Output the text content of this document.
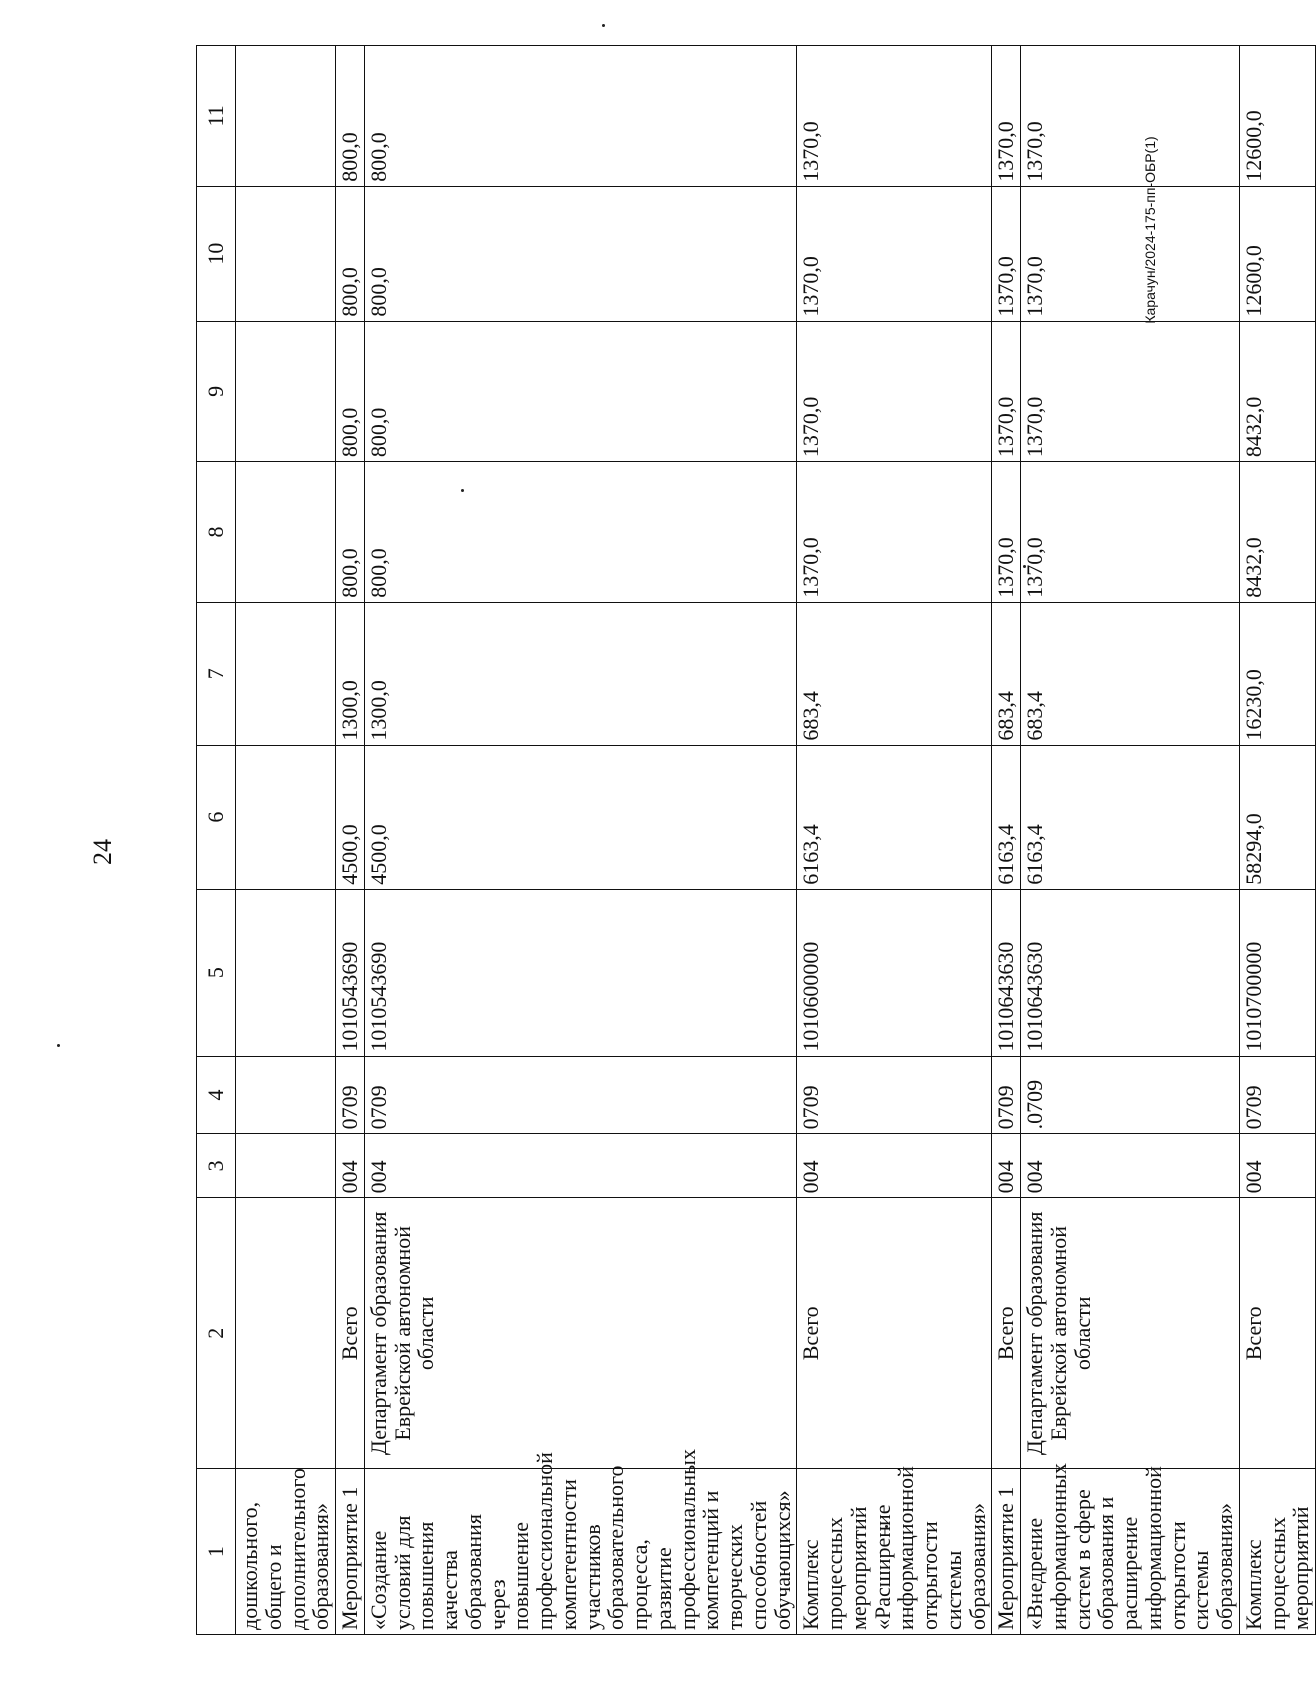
24
Карачун/2024-175-пп-ОБР(1)
1	2	3	4	5	6	7	8	9	10	11
дошкольного, общего и дополнительного образования»										
Мероприятие 1	Всего	004	0709	1010543690	4500,0	1300,0	800,0	800,0	800,0	800,0
«Создание условий для повышения качества образования через повышение профессиональной компетентности участников образовательного процесса, развитие профессиональных компетенций и творческих способностей обучающихся»	Департамент образования Еврейской автономной области	004	0709	1010543690	4500,0	1300,0	800,0	800,0	800,0	800,0
Комплекс процессных мероприятий «Расширение информационной открытости системы образования»	Всего	004	0709	1010600000	6163,4	683,4	1370,0	1370,0	1370,0	1370,0
Мероприятие 1	Всего	004	0709	1010643630	6163,4	683,4	1370,0	1370,0	1370,0	1370,0
«Внедрение информационных систем в сфере образования и расширение информационной открытости системы образования»	Департамент образования Еврейской автономной области	004	.0709	1010643630	6163,4	683,4	1370,0	1370,0	1370,0	1370,0
Комплекс процессных мероприятий	Всего	004	0709	1010700000	58294,0	16230,0	8432,0	8432,0	12600,0	12600,0
